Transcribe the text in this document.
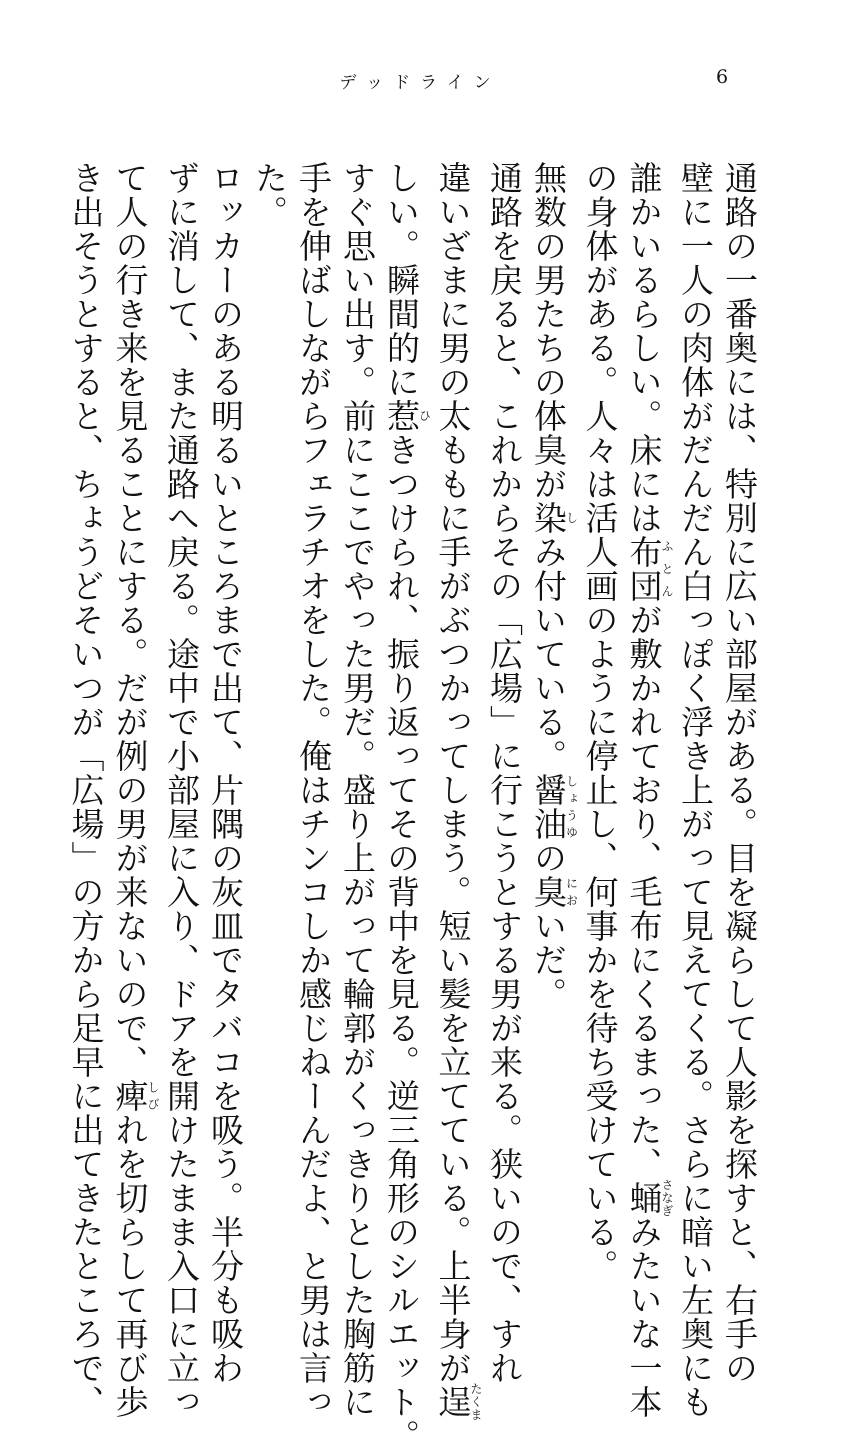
デッドライン	6

通路の一番奥には、特別に広い部屋がある。目を凝らして人影を探すと、右手の
壁に一人の肉体がだんだん白っぽく浮き上がって見えてくる。さらに暗い左奥にも
誰かいるらしい。床には布団ふとんが敷かれており、毛布にくるまった、蛹さなぎみたいな一本
の身体がある。人々は活人画のように停止し、何事かを待ち受けている。

無数の男たちの体臭が染しみ付いている。醤油しょうゆの臭においだ。

通路を戻ると、これからその「広場」に行こうとする男が来る。狭いので、すれ
違いざまに男の太ももに手がぶつかってしまう。短い髪を立てている。上半身が逞たくま
しい。瞬間的に惹ひきつけられ、振り返ってその背中を見る。逆三角形のシルエット。
すぐ思い出す。前にここでやった男だ。盛り上がって輪郭がくっきりとした胸筋に
手を伸ばしながらフェラチオをした。俺はチンコしか感じねーんだよ、と男は言っ
た。

ロッカーのある明るいところまで出て、片隅の灰皿でタバコを吸う。半分も吸わ
ずに消して、また通路へ戻る。途中で小部屋に入り、ドアを開けたまま入口に立っ
て人の行き来を見ることにする。だが例の男が来ないので、痺しびれを切らして再び歩
き出そうとすると、ちょうどそいつが「広場」の方から足早に出てきたところで、
